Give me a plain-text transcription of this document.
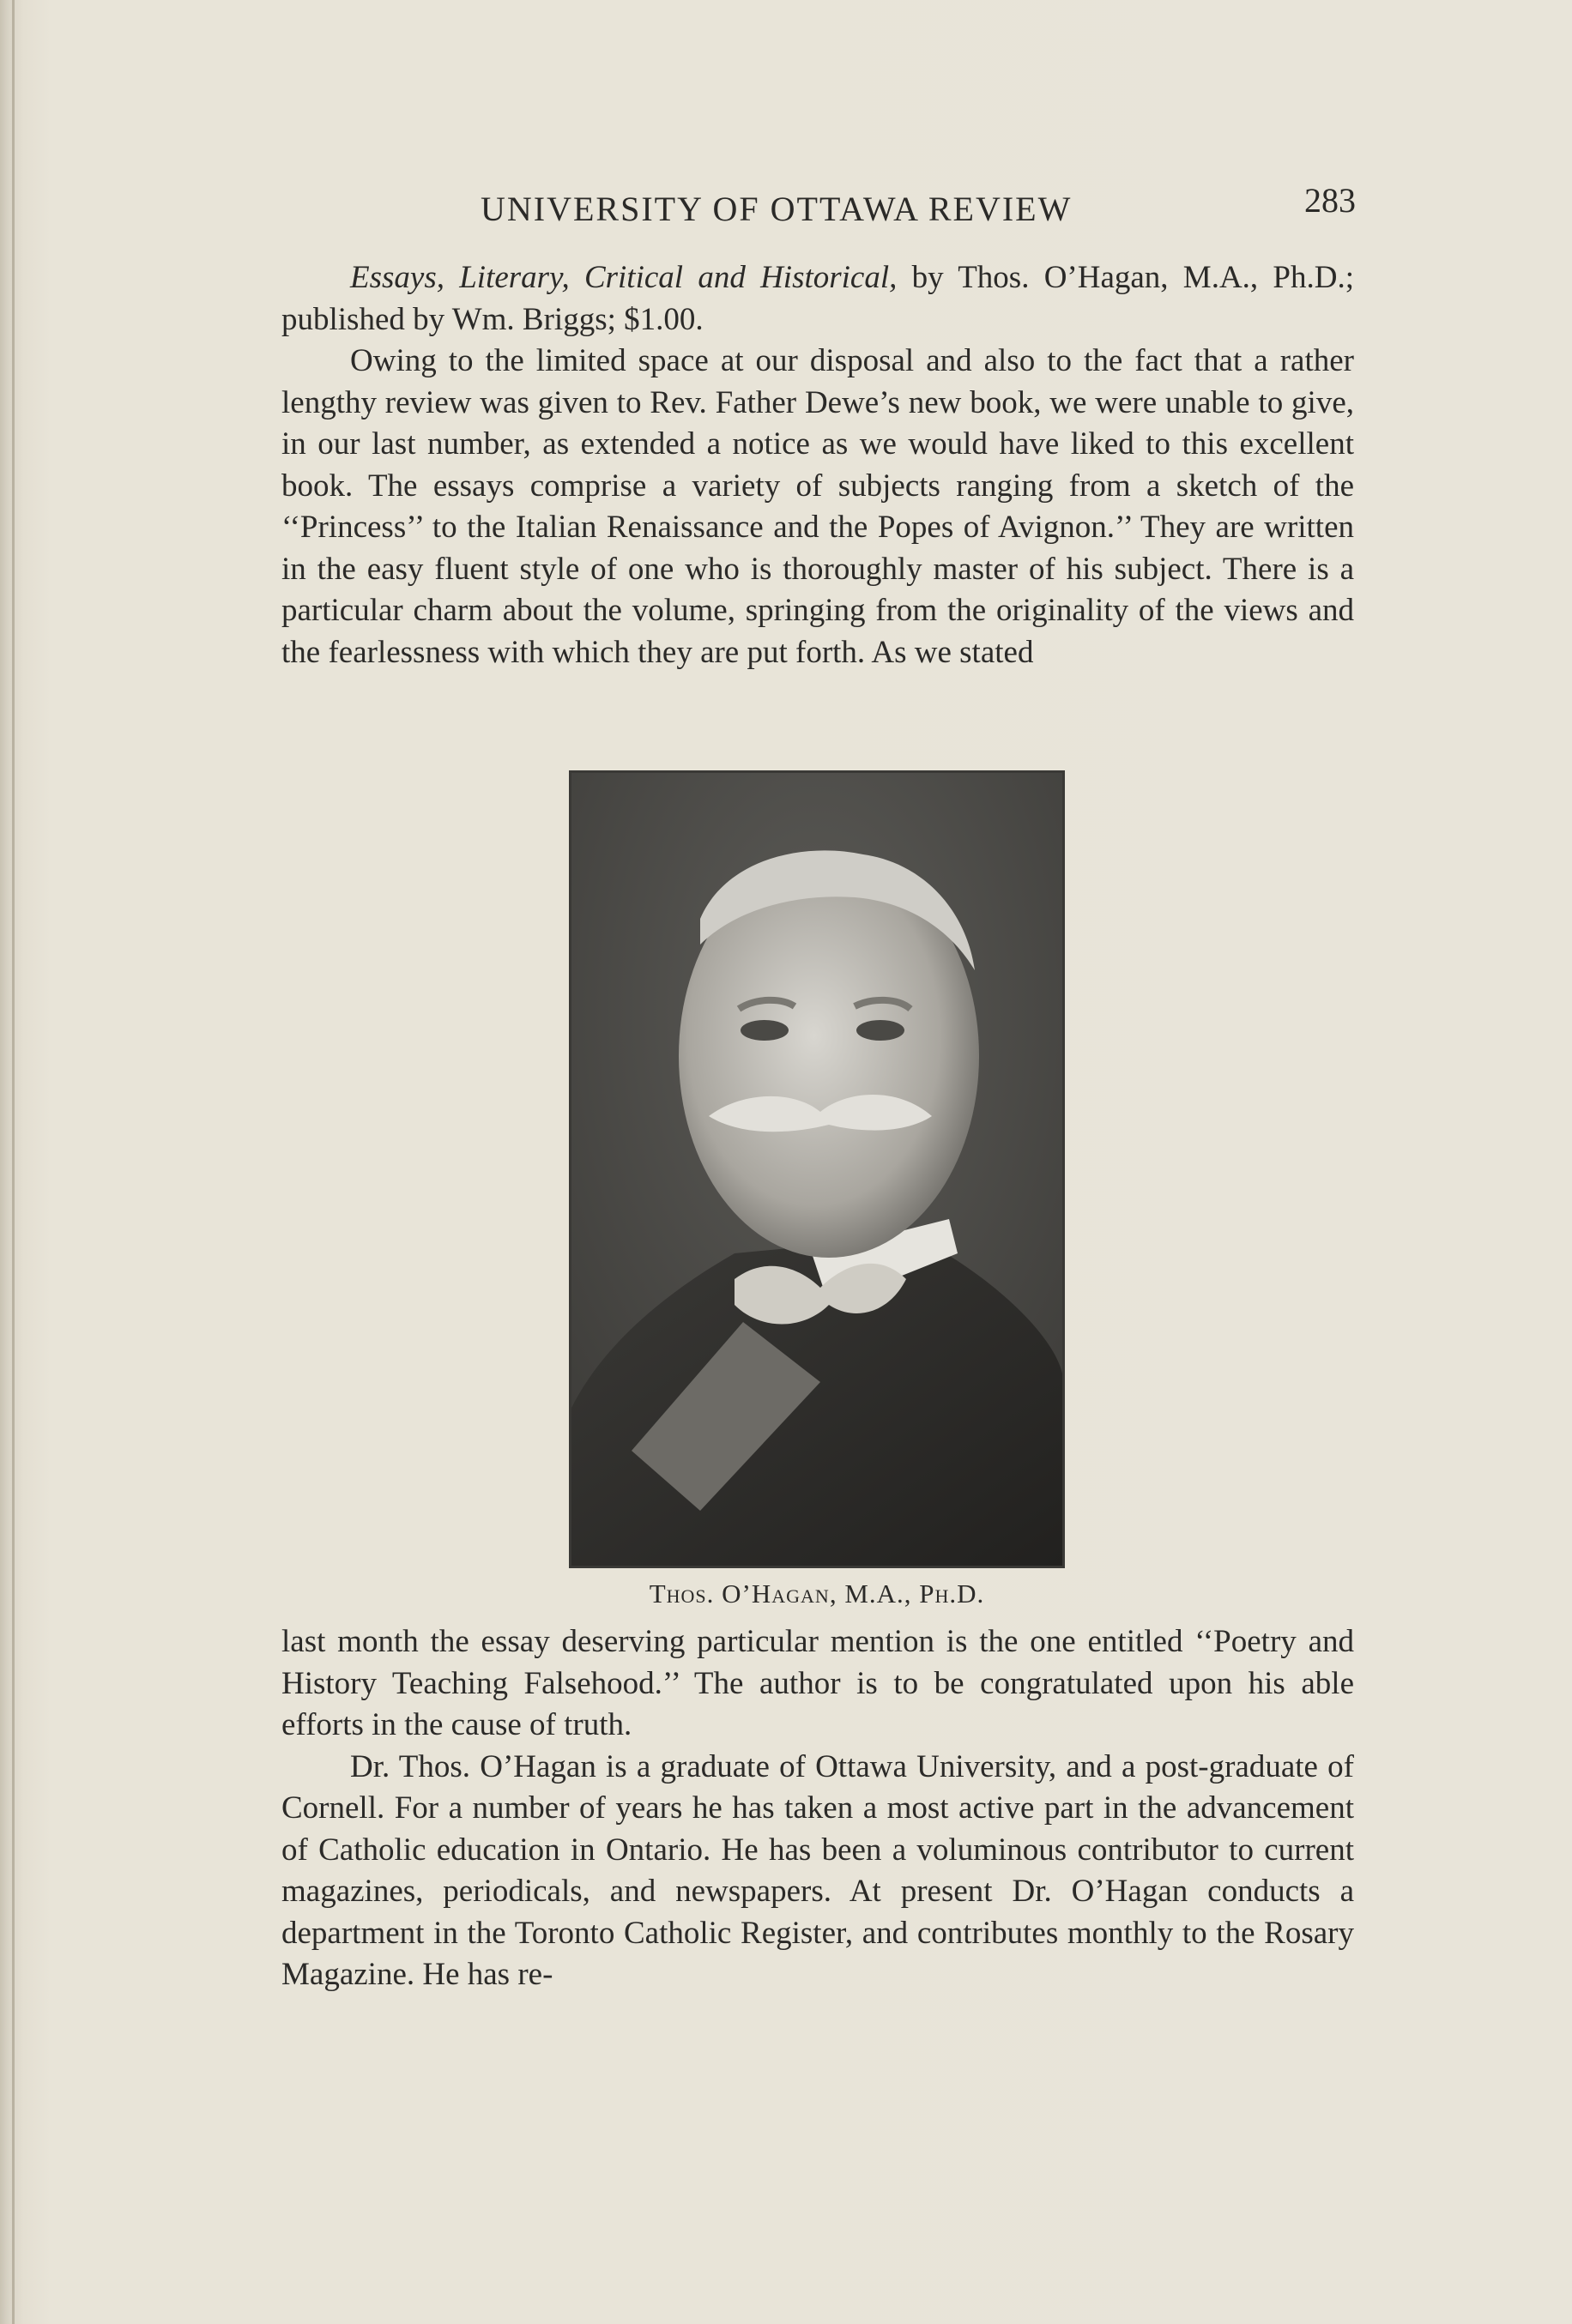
UNIVERSITY OF OTTAWA REVIEW	283

Essays, Literary, Critical and Historical, by Thos. O’Hagan, M.A., Ph.D.; published by Wm. Briggs; $1.00.

Owing to the limited space at our disposal and also to the fact that a rather lengthy review was given to Rev. Father Dewe’s new book, we were unable to give, in our last number, as extended a notice as we would have liked to this excellent book. The essays comprise a variety of subjects ranging from a sketch of the ‘‘Princess’’ to the Italian Renaissance and the Popes of Avignon.’’ They are written in the easy fluent style of one who is thoroughly master of his subject. There is a particular charm about the volume, springing from the originality of the views and the fearlessness with which they are put forth. As we stated

Thos. O’Hagan, M.A., Ph.D.

last month the essay deserving particular mention is the one entitled ‘‘Poetry and History Teaching Falsehood.’’ The author is to be congratulated upon his able efforts in the cause of truth.

Dr. Thos. O’Hagan is a graduate of Ottawa University, and a post-graduate of Cornell. For a number of years he has taken a most active part in the advancement of Catholic education in Ontario. He has been a voluminous contributor to current magazines, periodicals, and newspapers. At present Dr. O’Hagan conducts a department in the Toronto Catholic Register, and contributes monthly to the Rosary Magazine. He has re-
